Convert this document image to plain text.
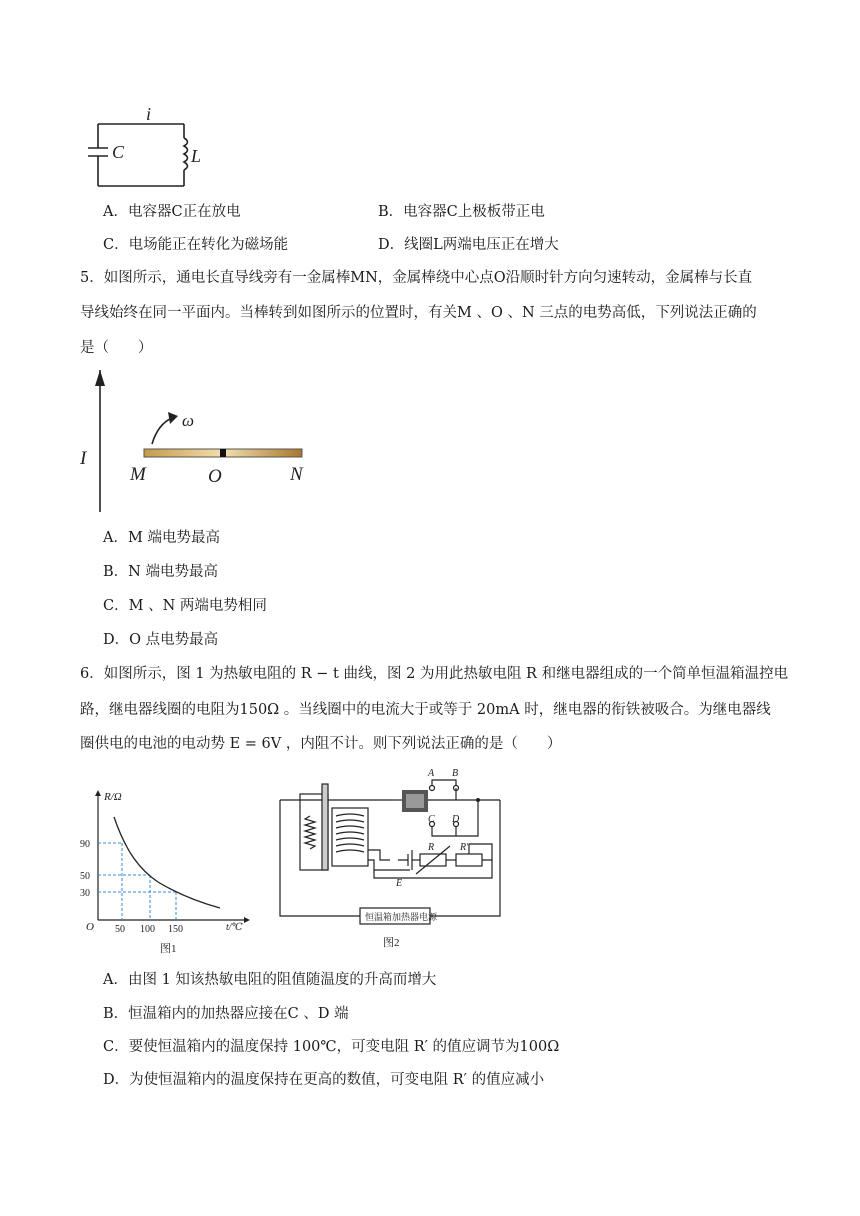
i
C	L
A．电容器C正在放电	B．电容器C上极板带正电
C．电场能正在转化为磁场能	D．线圈L两端电压正在增大
5．如图所示，通电长直导线旁有一金属棒MN，金属棒绕中心点O沿顺时针方向匀速转动，金属棒与长直
导线始终在同一平面内。当棒转到如图所示的位置时，有关M 、O 、N 三点的电势高低，下列说法正确的
是（　　）
I
ω
M	O	N
A．M 端电势最高
B．N 端电势最高
C．M 、N 两端电势相同
D．O 点电势最高
6．如图所示，图 1 为热敏电阻的 R − t 曲线，图 2 为用此热敏电阻 R 和继电器组成的一个简单恒温箱温控电
路，继电器线圈的电阻为150Ω 。当线圈中的电流大于或等于 20mA 时，继电器的衔铁被吸合。为继电器线
圈供电的电池的电动势 E = 6V ，内阻不计。则下列说法正确的是（　　）
R/Ω
t/℃
O
90
50
30
50 100 150
图1
A B
C D
E
R	R′
恒温箱加热器电源
图2
A．由图 1 知该热敏电阻的阻值随温度的升高而增大
B．恒温箱内的加热器应接在C 、D 端
C．要使恒温箱内的温度保持 100℃，可变电阻 R′ 的值应调节为100Ω
D．为使恒温箱内的温度保持在更高的数值，可变电阻 R′ 的值应减小
